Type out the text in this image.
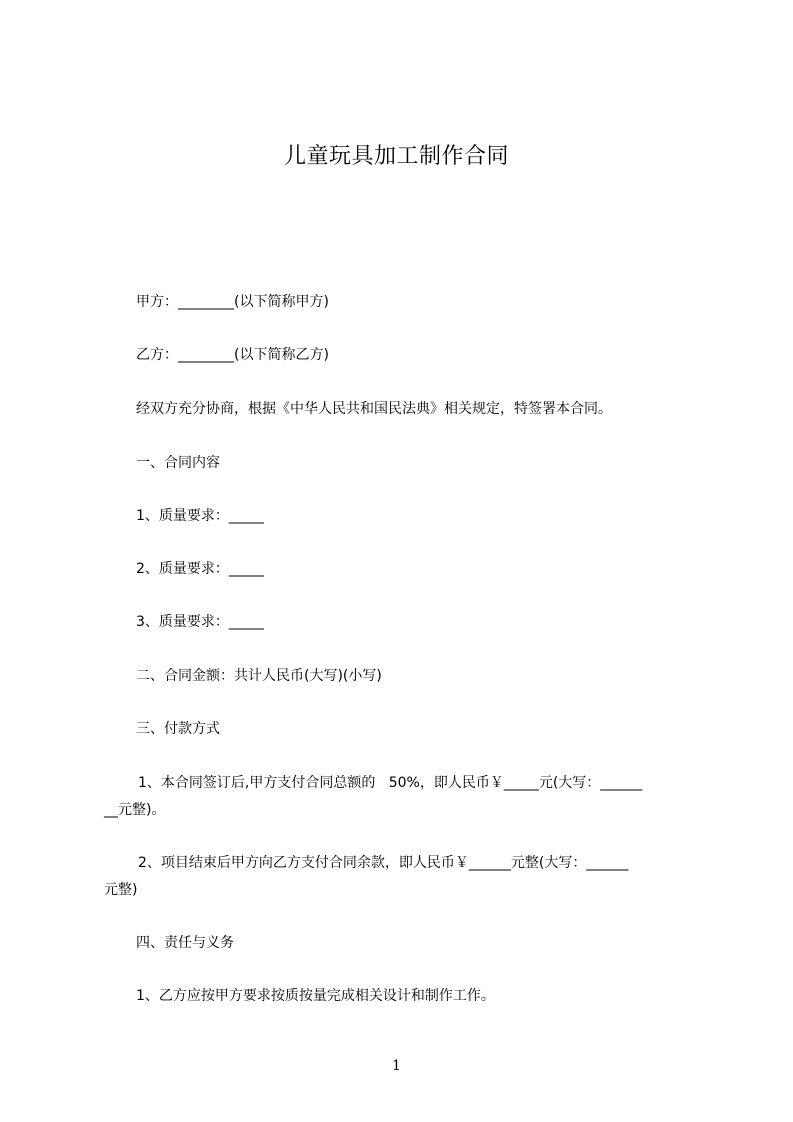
儿童玩具加工制作合同
甲方：________(以下简称甲方)
乙方：________(以下简称乙方)
经双方充分协商，根据《中华人民共和国民法典》相关规定，特签署本合同。
一、合同内容
1、质量要求：_____
2、质量要求：_____
3、质量要求：_____
二、合同金额：共计人民币(大写)(小写)
三、付款方式
1、本合同签订后,甲方支付合同总额的   50%，即人民币￥_____元(大写：______
__元整)。
2、项目结束后甲方向乙方支付合同余款，即人民币￥______元整(大写：______
元整)
四、责任与义务
1、乙方应按甲方要求按质按量完成相关设计和制作工作。
1
